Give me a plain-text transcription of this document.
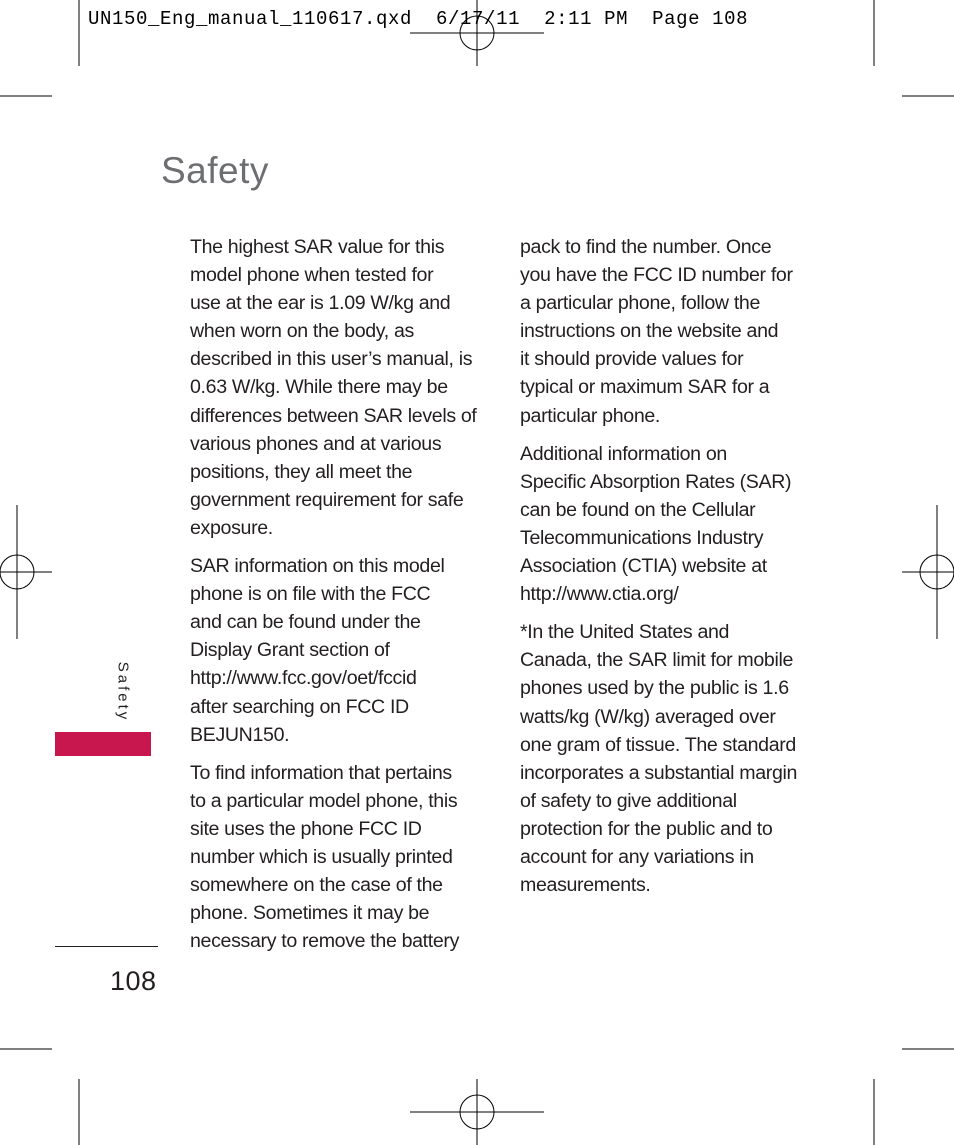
UN150_Eng_manual_110617.qxd  6/17/11  2:11 PM  Page 108
Safety

The highest SAR value for this
model phone when tested for
use at the ear is 1.09 W/kg and
when worn on the body, as
described in this user’s manual, is
0.63 W/kg. While there may be
differences between SAR levels of
various phones and at various
positions, they all meet the
government requirement for safe
exposure.

SAR information on this model
phone is on file with the FCC
and can be found under the
Display Grant section of
http://www.fcc.gov/oet/fccid
after searching on FCC ID
BEJUN150.

To find information that pertains
to a particular model phone, this
site uses the phone FCC ID
number which is usually printed
somewhere on the case of the
phone. Sometimes it may be
necessary to remove the battery

pack to find the number. Once
you have the FCC ID number for
a particular phone, follow the
instructions on the website and
it should provide values for
typical or maximum SAR for a
particular phone.

Additional information on
Specific Absorption Rates (SAR)
can be found on the Cellular
Telecommunications Industry
Association (CTIA) website at
http://www.ctia.org/

*In the United States and
Canada, the SAR limit for mobile
phones used by the public is 1.6
watts/kg (W/kg) averaged over
one gram of tissue. The standard
incorporates a substantial margin
of safety to give additional
protection for the public and to
account for any variations in
measurements.

Safety
108
